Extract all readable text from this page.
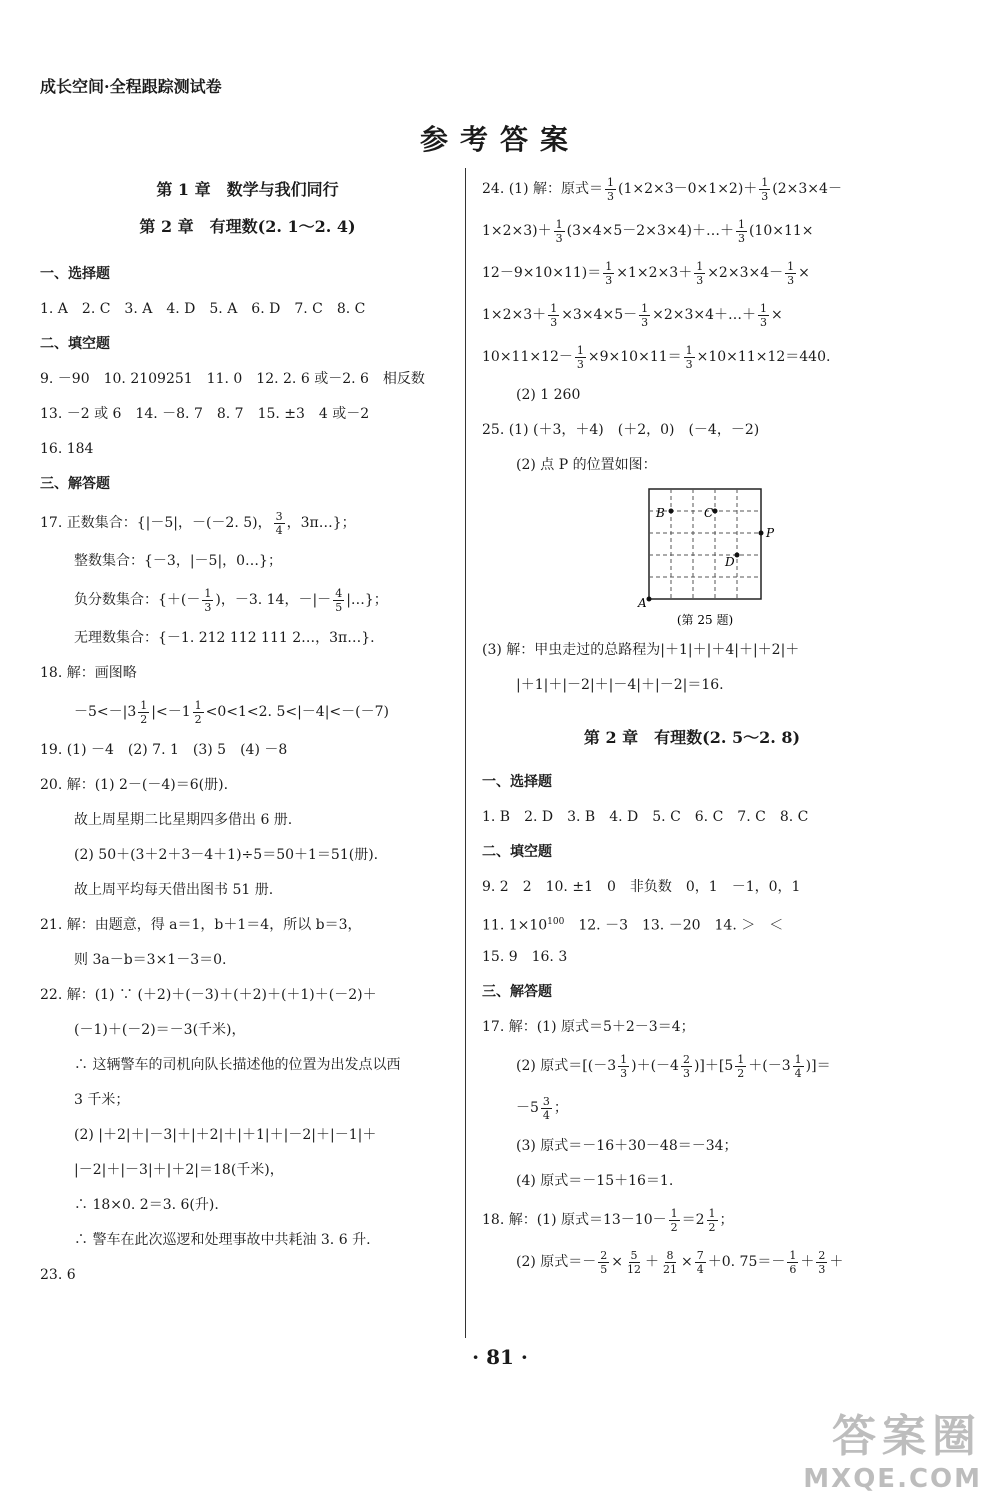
成长空间·全程跟踪测试卷
参考答案
第 1 章　数学与我们同行
第 2 章　有理数(2. 1～2. 4)
一、选择题
1. A　2. C　3. A　4. D　5. A　6. D　7. C　8. C
二、填空题
9. －90　10. 2109251　11. 0　12. 2. 6 或－2. 6　相反数
13. －2 或 6　14. －8. 7　8. 7　15. ±3　4 或－2
16. 184
三、解答题
17. 正数集合：{|－5|，－(－2. 5)， $\frac{3}{4}$ ，3π…}；
整数集合：{－3，|－5|，0…}；
负分数集合：{＋(－ $\frac{1}{3}$ )，－3. 14，－|－ $\frac{4}{5}$ |…}；
无理数集合：{－1. 212 112 111 2…，3π…}.
18. 解：画图略
$-5<-|3 \frac{1}{2} |<-1 \frac{1}{2} <0<1<2$. 5<|－4|<－(－7)
19. (1) －4　(2) 7. 1　(3) 5　(4) －8
20. 解：(1) 2－(－4)＝6(册).
故上周星期二比星期四多借出 6 册.
(2) 50＋(3＋2＋3－4＋1)÷5＝50＋1＝51(册).
故上周平均每天借出图书 51 册.
21. 解：由题意，得 a＝1，b＋1＝4，所以 b＝3，
则 3a－b＝3×1－3＝0.
22. 解：(1) ∵ (＋2)＋(－3)＋(＋2)＋(＋1)＋(－2)＋
(－1)＋(－2)＝－3(千米)，
∴ 这辆警车的司机向队长描述他的位置为出发点以西
3 千米；
(2) |＋2|＋|－3|＋|＋2|＋|＋1|＋|－2|＋|－1|＋
|－2|＋|－3|＋|＋2|＝18(千米)，
∴ 18×0. 2＝3. 6(升).
∴ 警车在此次巡逻和处理事故中共耗油 3. 6 升.
23. 6
24. (1) 解：原式＝ $\frac{1}{3} (1\times 2\times 3-0\times 1\times 2)+ \frac{1}{3} (2\times 3\times 4-$
$1\times 2\times 3)+ \frac{1}{3}$ (3×4×5－2×3×4)＋…＋ $\frac{1}{3} (10\times 11\times$
$12-9\times 10\times 11)= \frac{1}{3} \times 1\times 2\times 3+ \frac{1}{3} \times 2\times 3\times 4- \frac{1}{3}$ ×
$1\times 2\times 3+ \frac{1}{3} \times 3\times 4\times 5- \frac{1}{3}$ ×2×3×4＋…＋ $\frac{1}{3}$ ×
$10\times 11\times 12- \frac{1}{3} \times 9\times 10\times 11= \frac{1}{3} \times 10\times 11\times 12=440$.
(2) 1 260
25. (1) (＋3，＋4)　(＋2，0)　(－4，－2)
(2) 点 P 的位置如图：
A
B	C
D
P
(第 25 题)
(3) 解：甲虫走过的总路程为|＋1|＋|＋4|＋|＋2|＋
|＋1|＋|－2|＋|－4|＋|－2|＝16.
第 2 章　有理数(2. 5～2. 8)
一、选择题
1. B　2. D　3. B　4. D　5. C　6. C　7. C　8. C
二、填空题
9. 2　2　10. ±1　0　非负数　0，1　－1，0，1
11. $1\times 10^{100}$　12. －3　13. －20　14. ＞　＜
15. 9　16. 3
三、解答题
17. 解：(1) 原式＝5＋2－3＝4；
(2) 原式$=[(-3 \frac{1}{3} )+(-4 \frac{2}{3} )]+[5 \frac{1}{2} +(-3 \frac{1}{4}$ )]＝
$-5 \frac{3}{4}$ ；
(3) 原式＝－16＋30－48＝－34；
(4) 原式＝－15＋16＝1.
18. 解：(1) 原式$=13-10- \frac{1}{2} =2 \frac{1}{2}$ ；
(2) 原式＝－ $\frac{2}{5} \times \frac{5}{12} + \frac{8}{21} \times \frac{7}{4} +0$. $75=- \frac{1}{6} + \frac{2}{3}$ ＋
· 81 ·
答案圈
MXQE.COM
